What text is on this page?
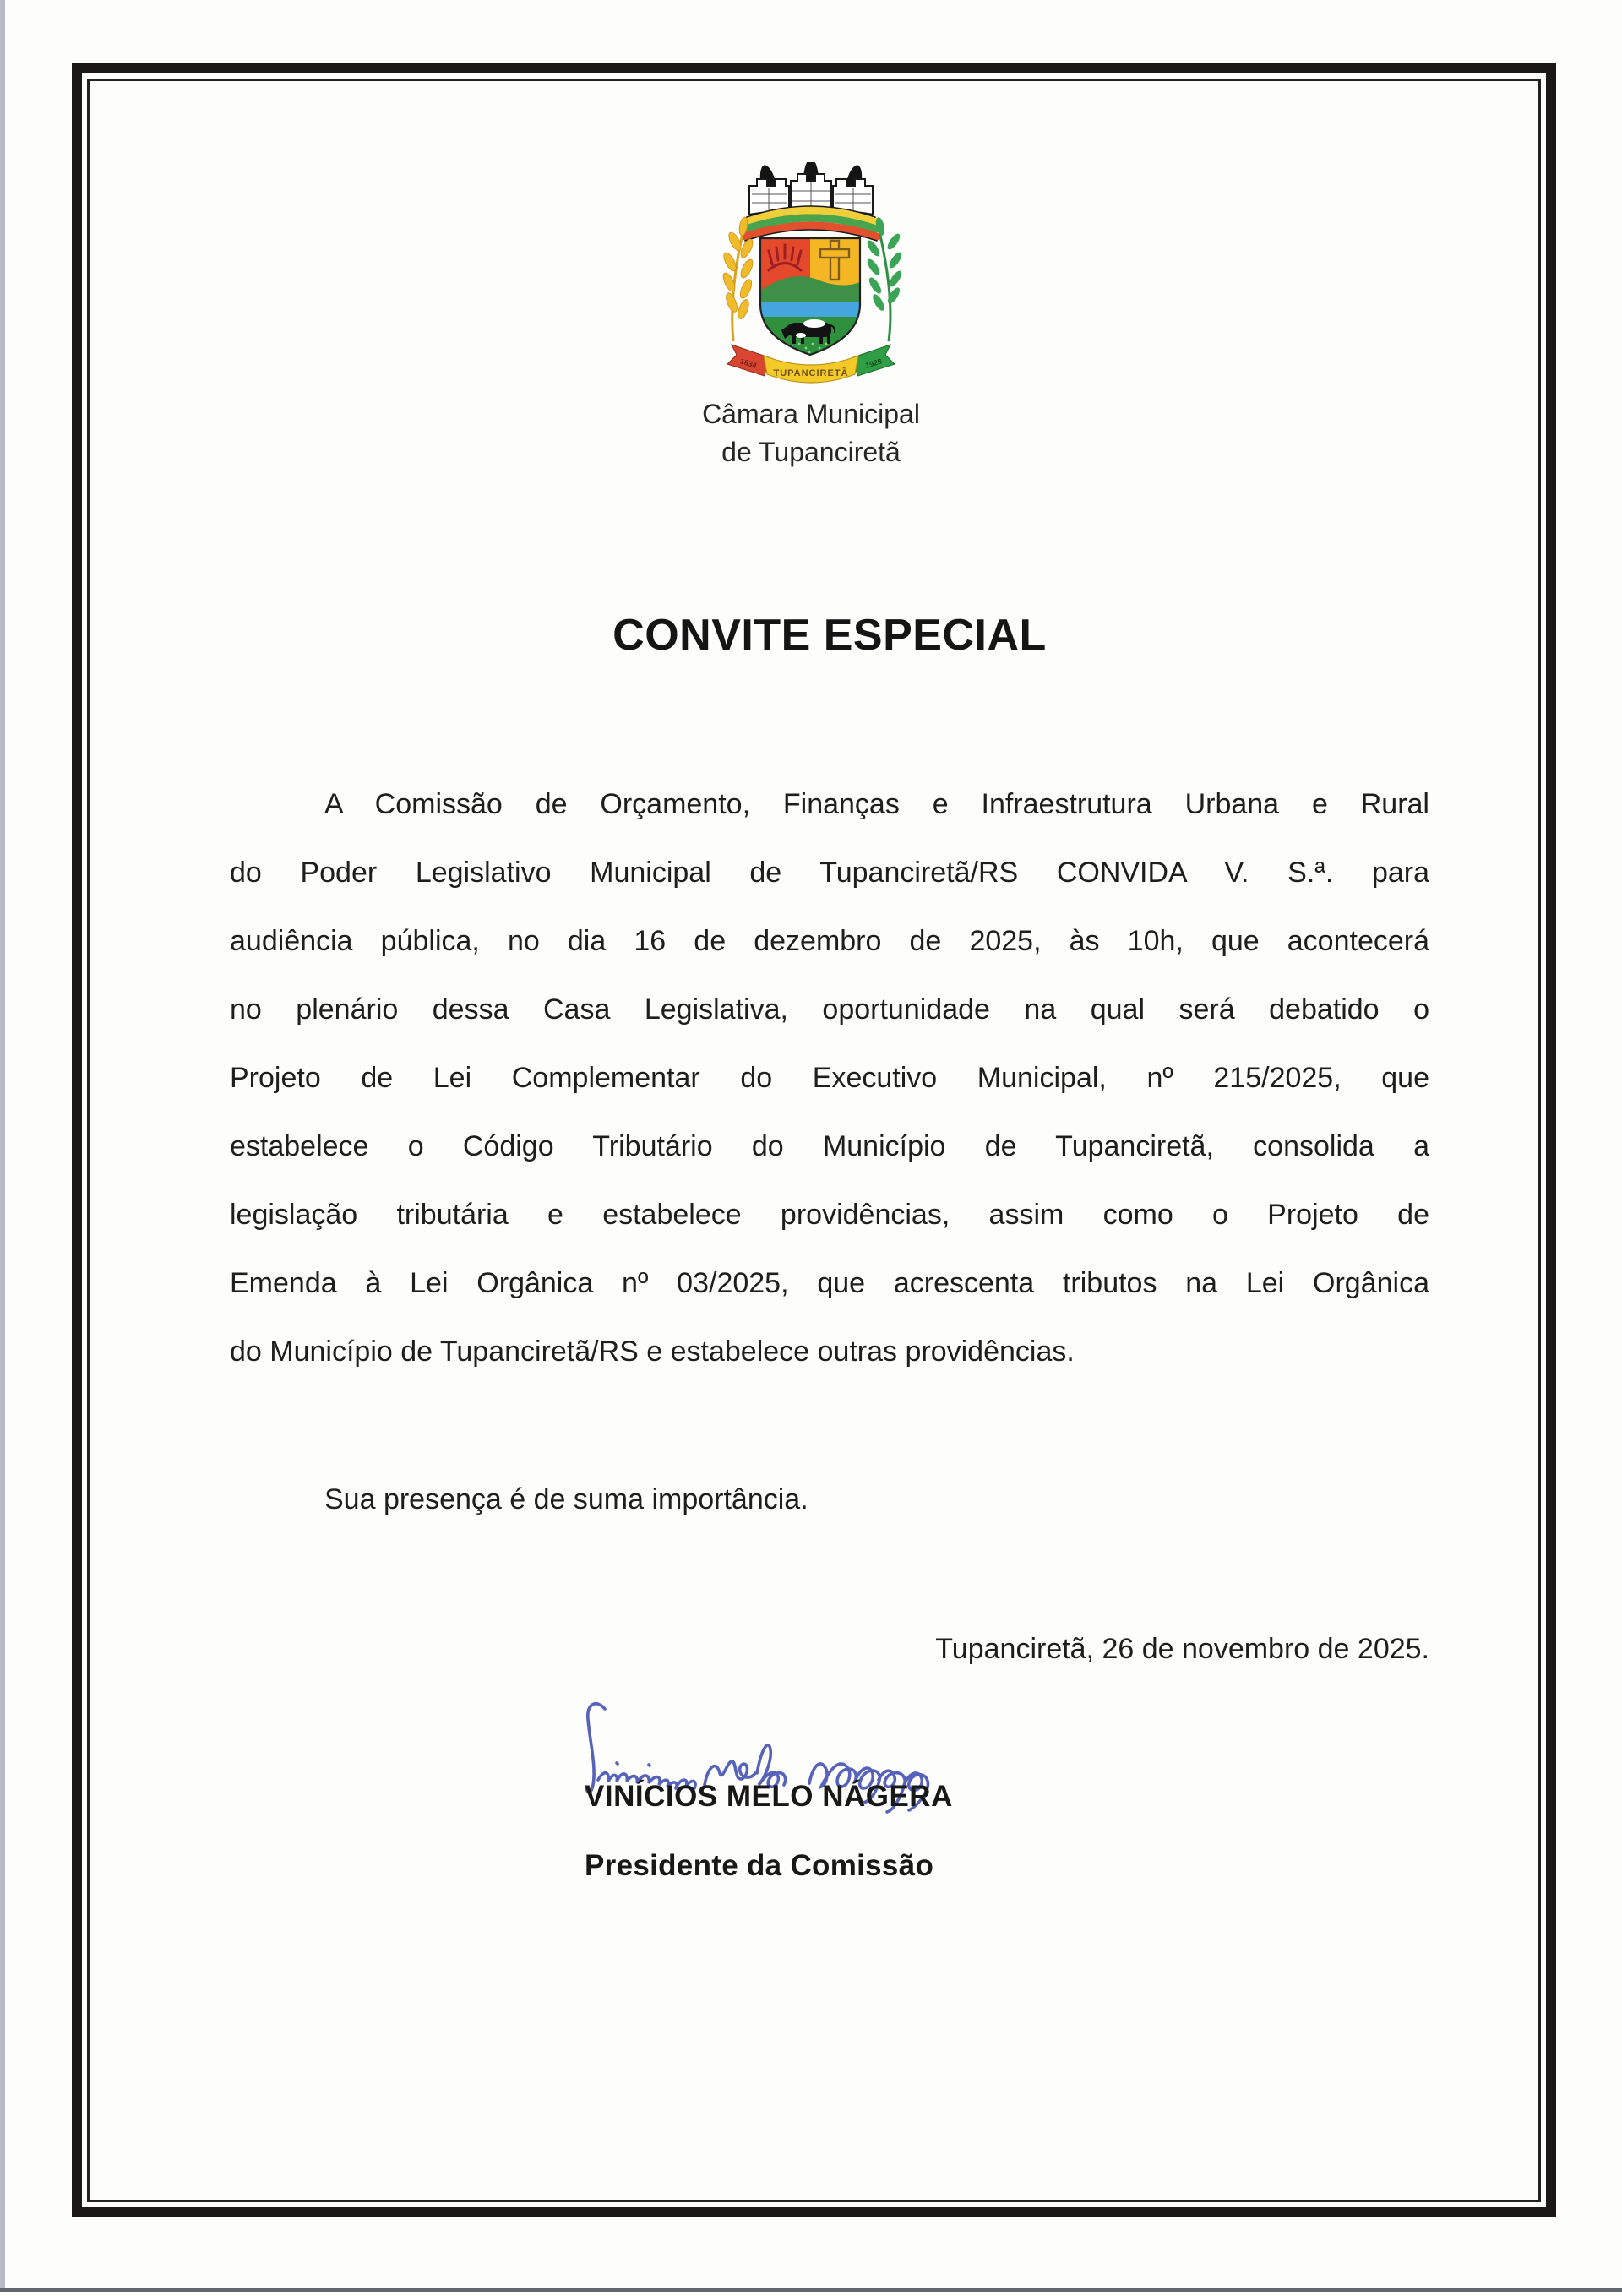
1834	1928
TUPANCIRETÃ
Câmara Municipal
de Tupanciretã
CONVITE ESPECIAL
A Comissão de Orçamento, Finanças e Infraestrutura Urbana e Rural
do Poder Legislativo Municipal de Tupanciretã/RS CONVIDA V. S.ª. para
audiência pública, no dia 16 de dezembro de 2025, às 10h, que acontecerá
no plenário dessa Casa Legislativa, oportunidade na qual será debatido o
Projeto de Lei Complementar do Executivo Municipal, nº 215/2025, que
estabelece o Código Tributário do Município de Tupanciretã, consolida a
legislação tributária e estabelece providências, assim como o Projeto de
Emenda à Lei Orgânica nº 03/2025, que acrescenta tributos na Lei Orgânica
do Município de Tupanciretã/RS e estabelece outras providências.
Sua presença é de suma importância.
Tupanciretã, 26 de novembro de 2025.
VINÍCIOS MELO NÁGERA
Presidente da Comissão
